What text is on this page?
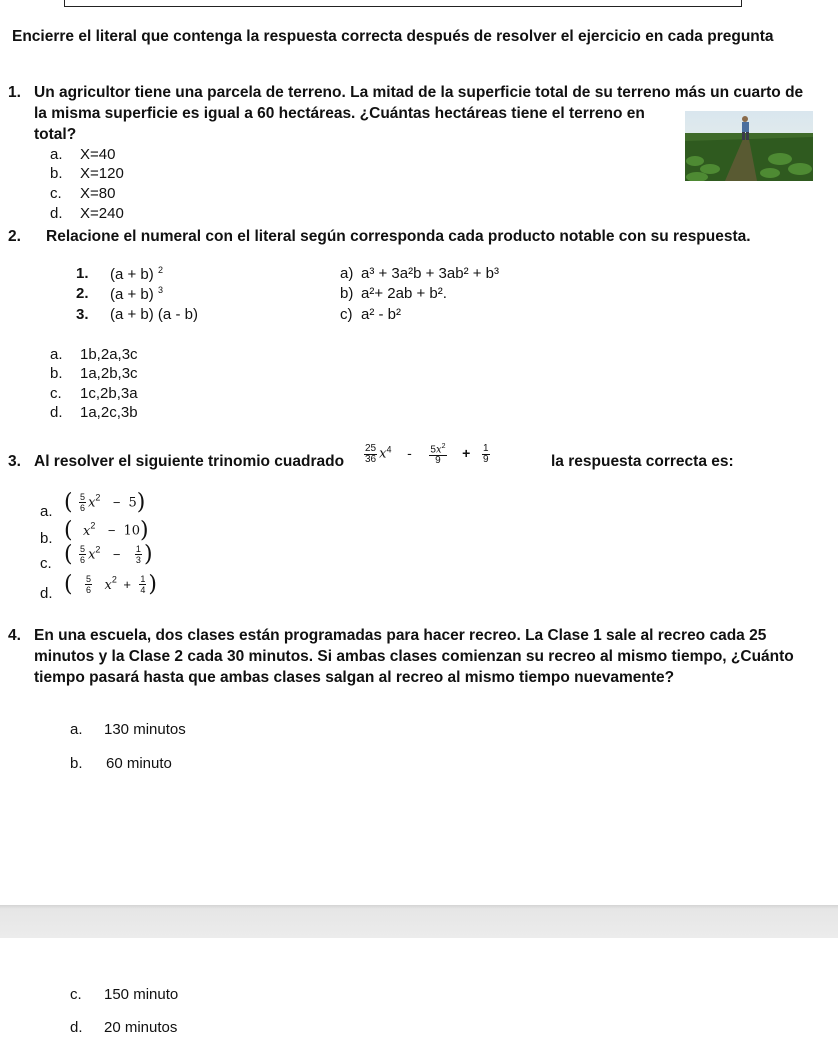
Encierre el literal que contenga la respuesta correcta después de resolver el ejercicio en cada pregunta
1. Un agricultor tiene una parcela de terreno. La mitad de la superficie total de su terreno más un cuarto de
la misma superficie es igual a 60 hectáreas. ¿Cuántas hectáreas tiene el terreno en
total?
a. X=40
b. X=120
c. X=80
d. X=240
2. Relacione el numeral con el literal según corresponda cada producto notable con su respuesta.
1. (a + b) $^2$
2. (a + b) $^3$
3. (a + b) (a - b)
a) a³ + 3a²b + 3ab² + b³
b) a²+ 2ab + b².
c) a² - b²
a. 1b,2a,3c
b. 1a,2b,3c
c. 1c,2b,3a
d. 1a,2c,3b
3. Al resolver el siguiente trinomio cuadrado $\frac{25}{36} x^4 - \frac{5x^2}{9} + \frac{1}{9}$	la respuesta correcta es:
a. ( $\frac{5}{6} x^2 - 5$)
b. ( $x^2 - 10$)
c. ( $\frac{5}{6} x^2 - \frac{1}{3}$ )
d. ( $\frac{5}{6} x^2 + \frac{1}{4}$ )
4. En una escuela, dos clases están programadas para hacer recreo. La Clase 1 sale al recreo cada 25
minutos y la Clase 2 cada 30 minutos. Si ambas clases comienzan su recreo al mismo tiempo, ¿Cuánto
tiempo pasará hasta que ambas clases salgan al recreo al mismo tiempo nuevamente?
a. 130 minutos
b. 60 minuto
c. 150 minuto
d. 20 minutos
